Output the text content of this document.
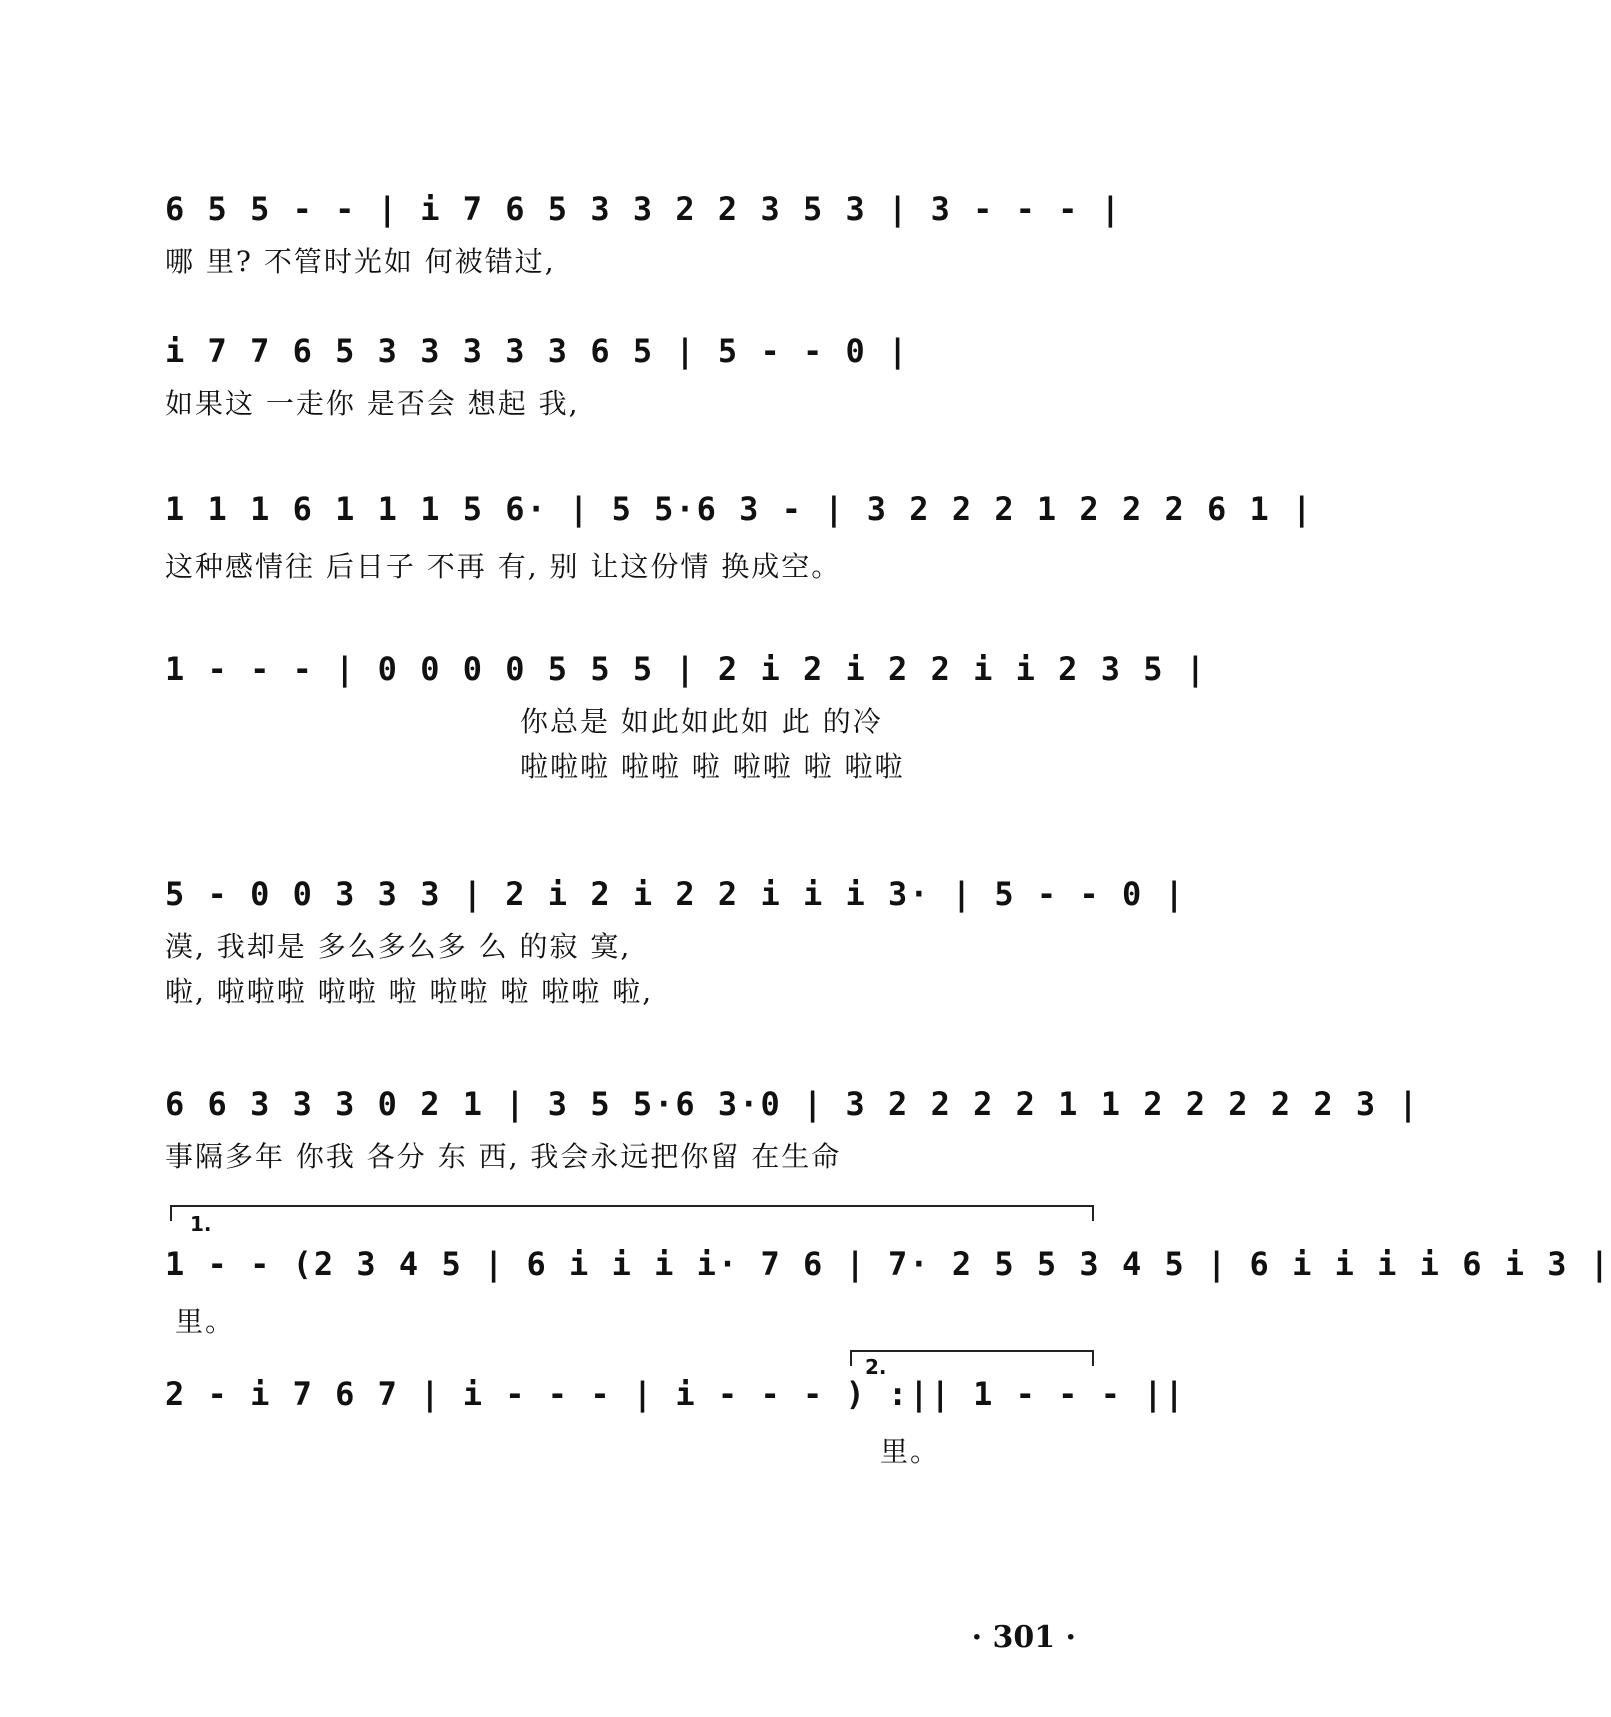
6 5 5 - - | i 7 6 5 3 3 2 2 3 5 3 | 3 - - - |
哪 里? 不管时光如 何被错过,
i 7 7 6 5 3 3 3 3 3 6 5 | 5 - - 0 |
如果这 一走你 是否会 想起 我,
1 1 1 6 1 1 1 5 6· | 5 5·6 3 - | 3 2 2 2 1 2 2 2 6 1 |
这种感情往 后日子 不再 有, 别 让这份情 换成空。
1 - - - | 0 0 0 0 5 5 5 | 2 i 2 i 2 2 i i 2 3 5 |
你总是 如此如此如 此 的冷
啦啦啦 啦啦 啦 啦啦 啦 啦啦
5 - 0 0 3 3 3 | 2 i 2 i 2 2 i i i 3· | 5 - - 0 |
漠, 我却是 多么多么多 么 的寂 寞,
啦, 啦啦啦 啦啦 啦 啦啦 啦 啦啦 啦,
6 6 3 3 3 0 2 1 | 3 5 5·6 3·0 | 3 2 2 2 2 1 1 2 2 2 2 2 3 |
事隔多年 你我 各分 东 西, 我会永远把你留 在生命
1.
1 - - (2 3 4 5 | 6 i i i i· 7 6 | 7· 2 5 5 3 4 5 | 6 i i i i 6 i 3 |
里。
2.
2 - i 7 6 7 | i - - - | i - - - ) :|| 1 - - - ||
里。
· 301 ·
